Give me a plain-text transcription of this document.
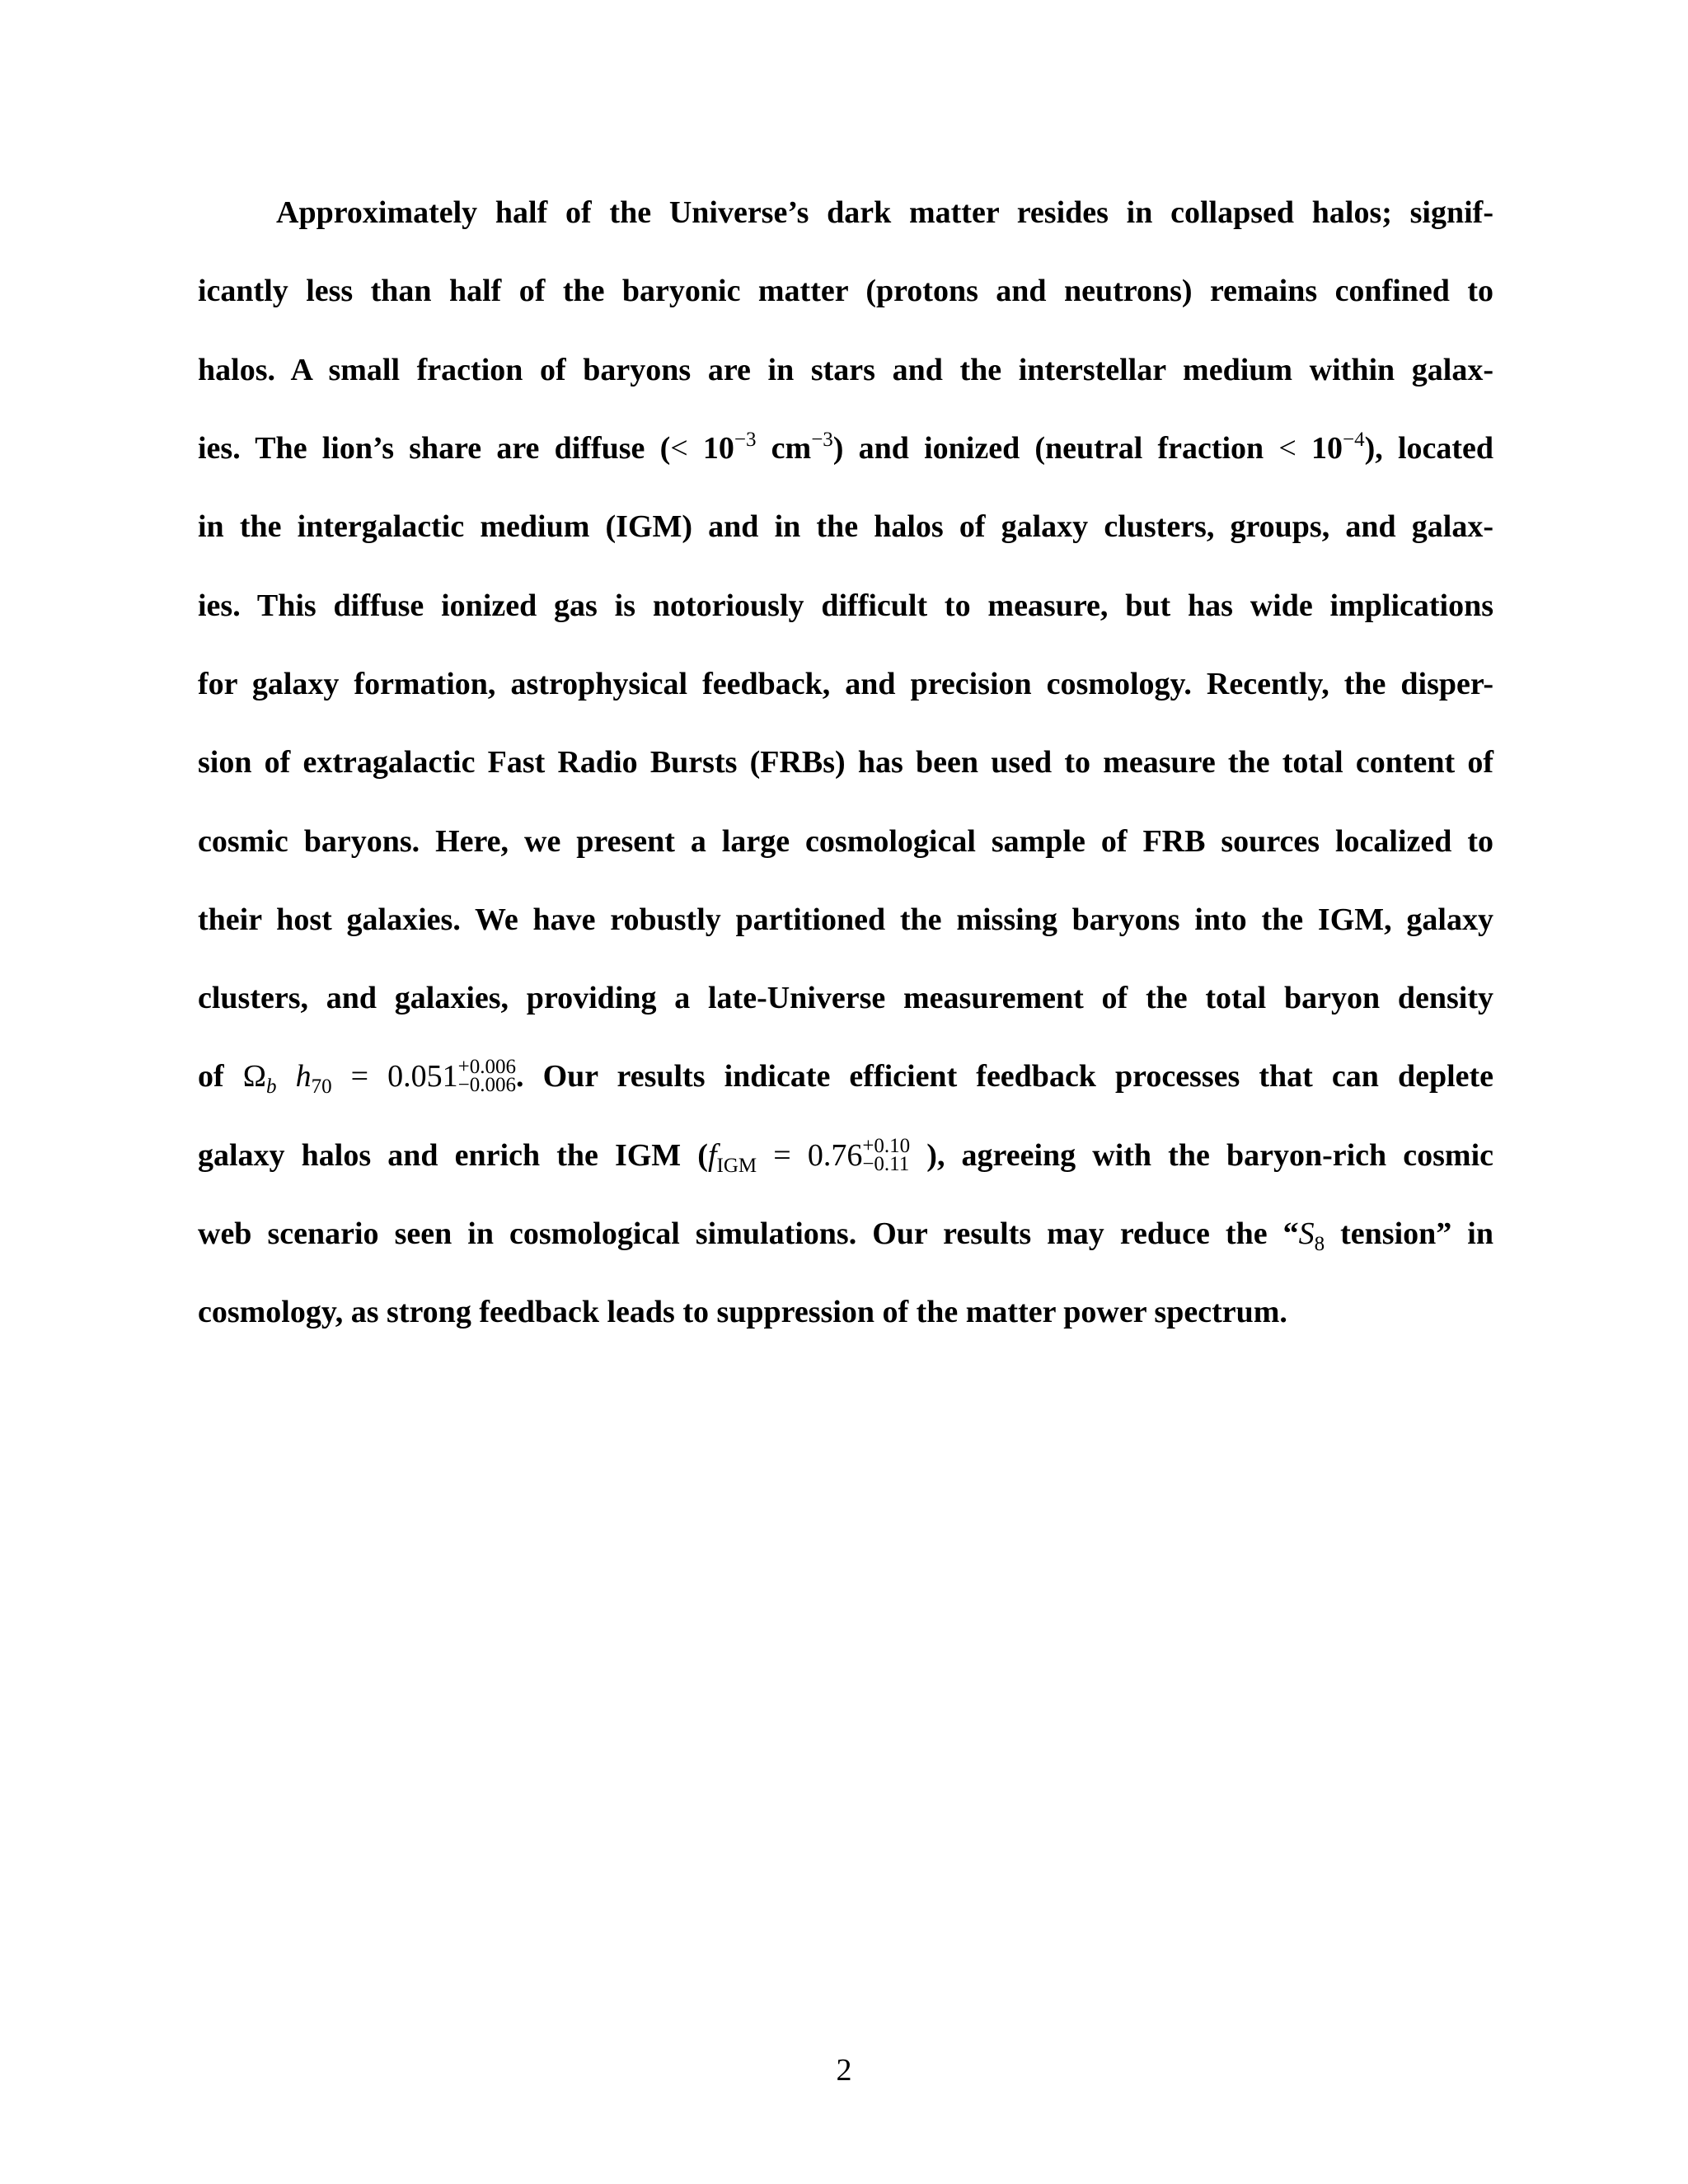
Approximately half of the Universe’s dark matter resides in collapsed halos; signif-
icantly less than half of the baryonic matter (protons and neutrons) remains confined to
halos. A small fraction of baryons are in stars and the interstellar medium within galax-
ies. The lion’s share are diffuse (< $10^{-3}$ $cm^{-3}$) and ionized (neutral fraction < $10^{-4}$), located
in the intergalactic medium (IGM) and in the halos of galaxy clusters, groups, and galax-
ies. This diffuse ionized gas is notoriously difficult to measure, but has wide implications
for galaxy formation, astrophysical feedback, and precision cosmology. Recently, the disper-
sion of extragalactic Fast Radio Bursts (FRBs) has been used to measure the total content of
cosmic baryons. Here, we present a large cosmological sample of FRB sources localized to
their host galaxies. We have robustly partitioned the missing baryons into the IGM, galaxy
clusters, and galaxies, providing a late-Universe measurement of the total baryon density
of $\Omega_b$ $h_{70} = 0.051 +0.006$
−0.006 . Our results indicate efficient feedback processes that can deplete
galaxy halos and enrich the IGM ($f_{IGM} = 0.76 +0.10$
−0.11 ), agreeing with the baryon-rich cosmic
web scenario seen in cosmological simulations. Our results may reduce the “$S_8$ tension” in
cosmology, as strong feedback leads to suppression of the matter power spectrum.
2
